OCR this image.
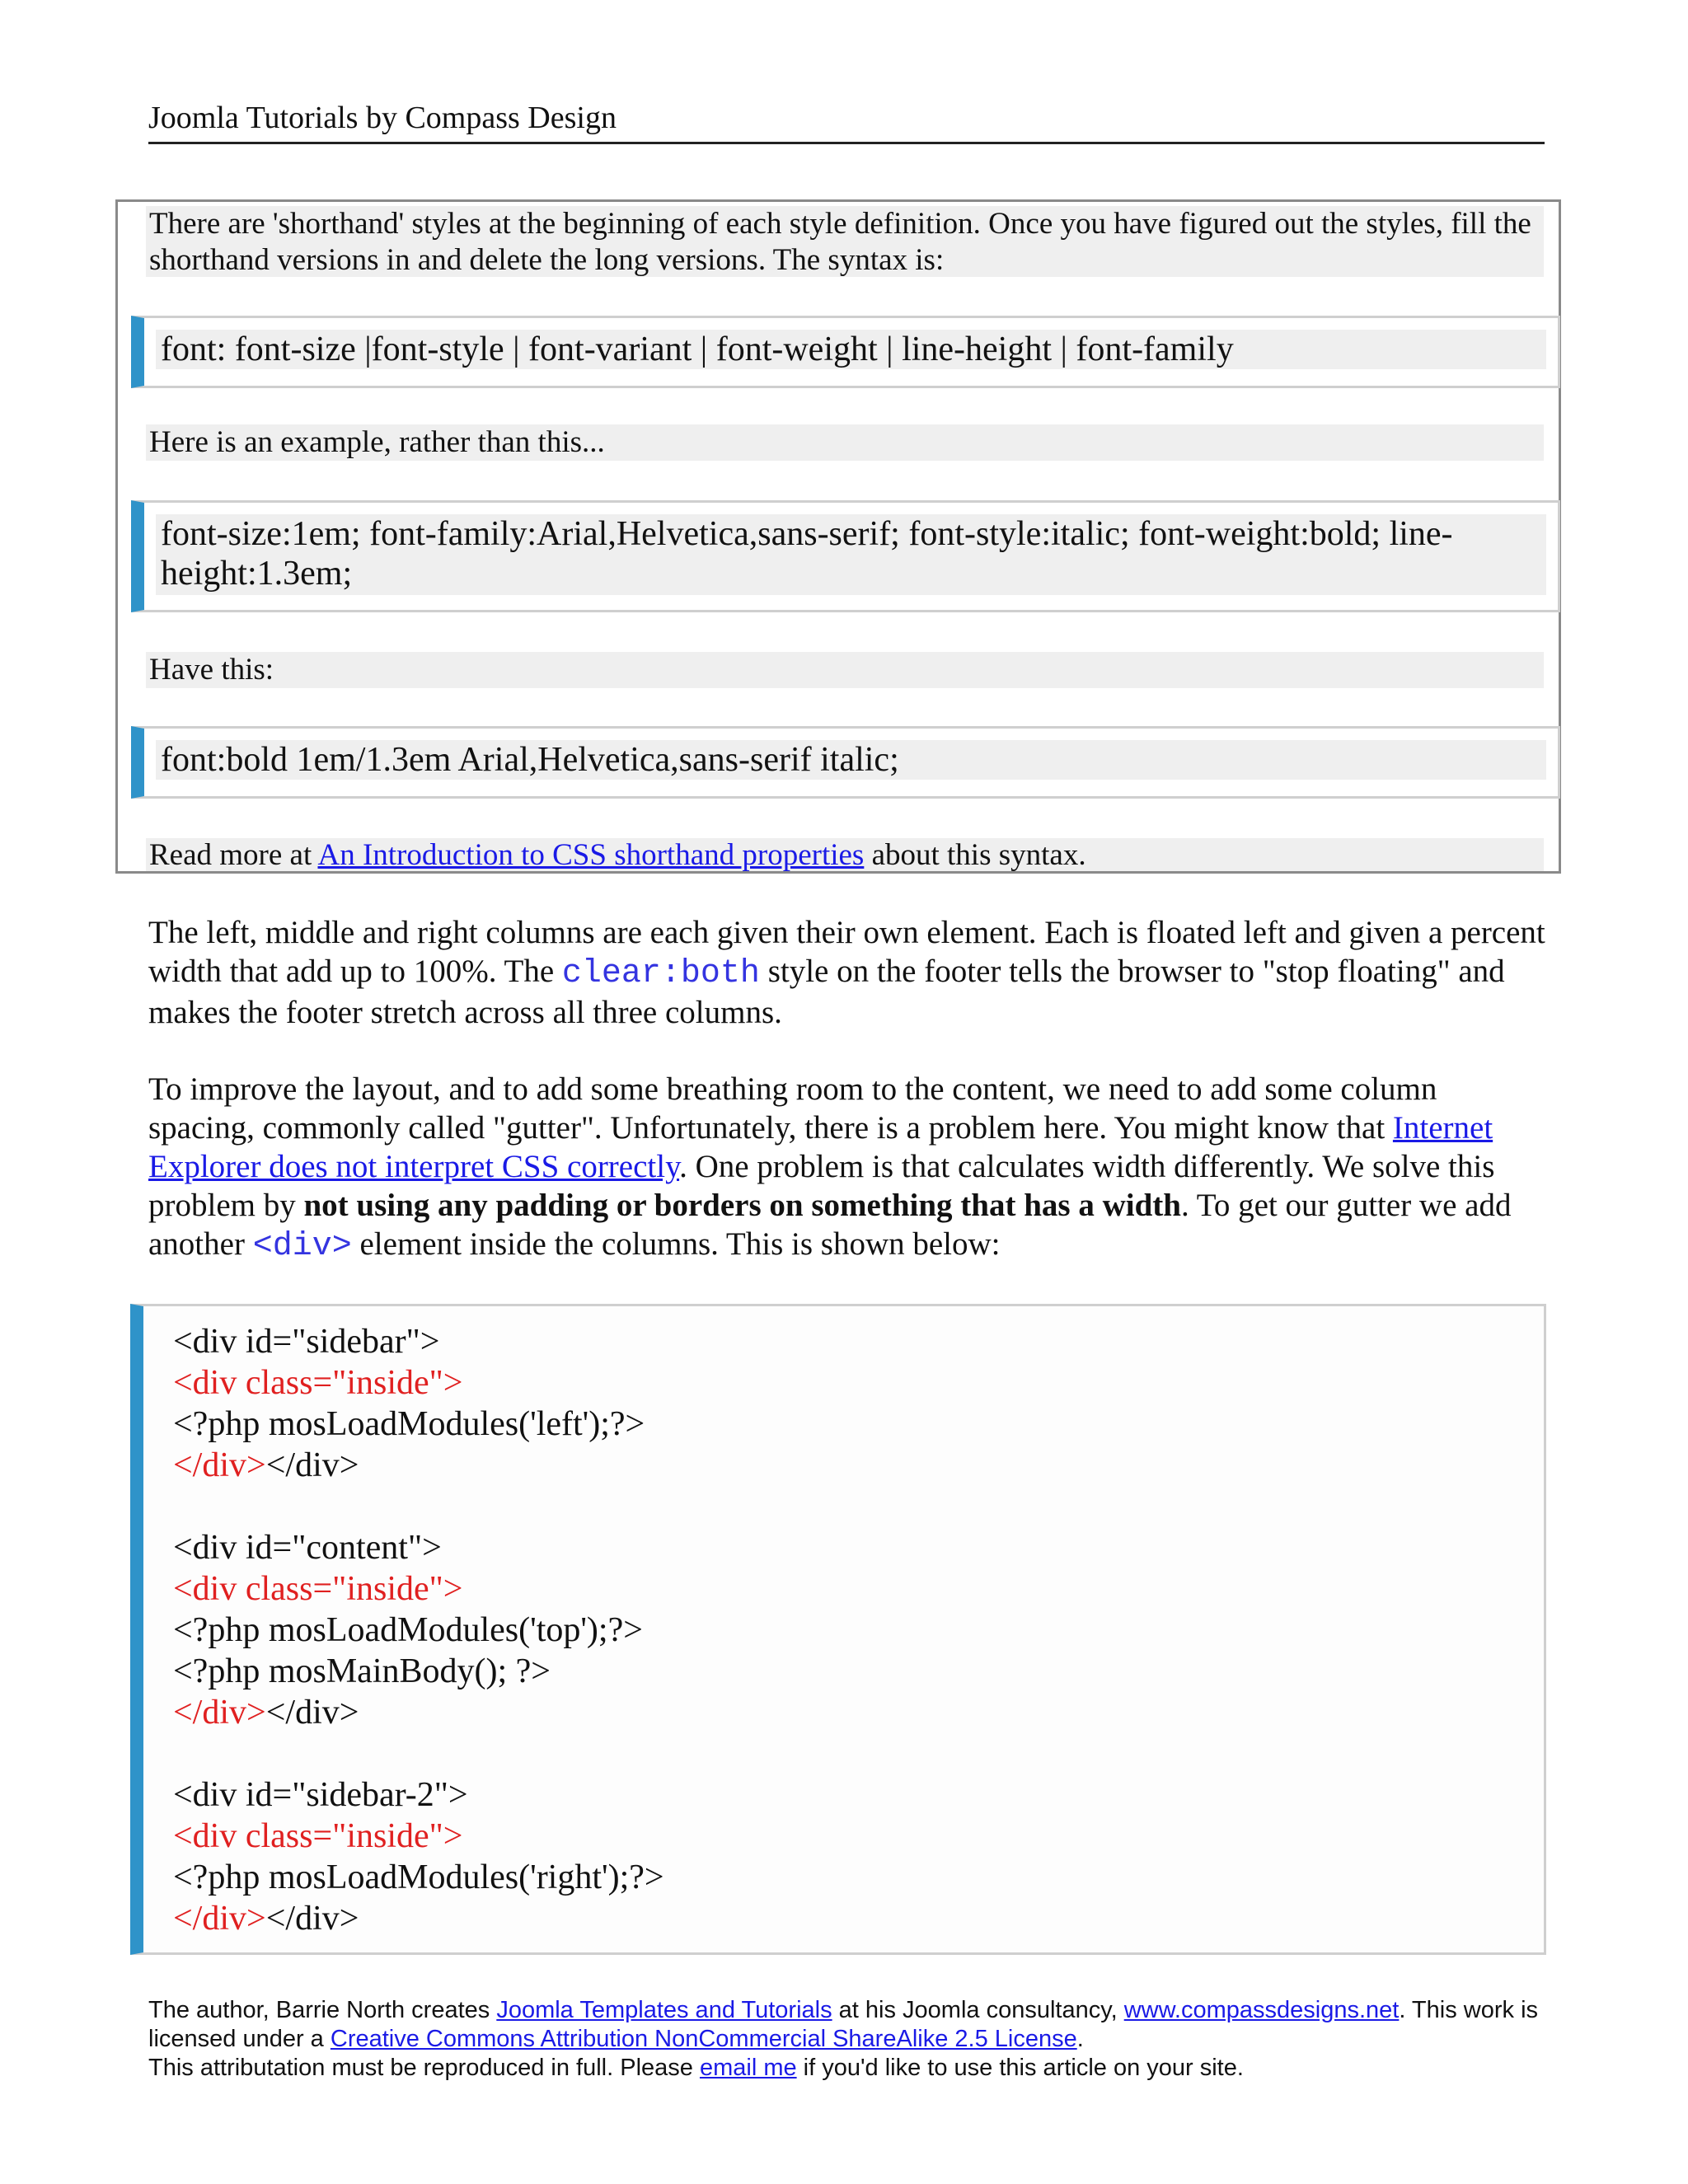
Joomla Tutorials by Compass Design
There are 'shorthand' styles at the beginning of each style definition. Once you have figured out the styles, fill the shorthand versions in and delete the long versions. The syntax is:
font: font-size |font-style | font-variant | font-weight | line-height | font-family
Here is an example, rather than this...
font-size:1em; font-family:Arial,Helvetica,sans-serif; font-style:italic; font-weight:bold; line-
height:1.3em;
Have this:
font:bold 1em/1.3em Arial,Helvetica,sans-serif italic;
Read more at An Introduction to CSS shorthand properties about this syntax.
The left, middle and right columns are each given their own element. Each is floated left and given a percent width that add up to 100%. The clear:both style on the footer tells the browser to "stop floating" and makes the footer stretch across all three columns.
To improve the layout, and to add some breathing room to the content, we need to add some column spacing, commonly called "gutter". Unfortunately, there is a problem here. You might know that Internet Explorer does not interpret CSS correctly. One problem is that calculates width differently. We solve this problem by not using any padding or borders on something that has a width. To get our gutter we add another <div> element inside the columns. This is shown below:
<div id="sidebar">
<div class="inside">
<?php mosLoadModules('left');?>
</div></div>
<div id="content">
<div class="inside">
<?php mosLoadModules('top');?>
<?php mosMainBody(); ?>
</div></div>
<div id="sidebar-2">
<div class="inside">
<?php mosLoadModules('right');?>
</div></div>
The author, Barrie North creates Joomla Templates and Tutorials at his Joomla consultancy, www.compassdesigns.net. This work is licensed under a Creative Commons Attribution NonCommercial ShareAlike 2.5 License.
This attributation must be reproduced in full. Please email me if you'd like to use this article on your site.
